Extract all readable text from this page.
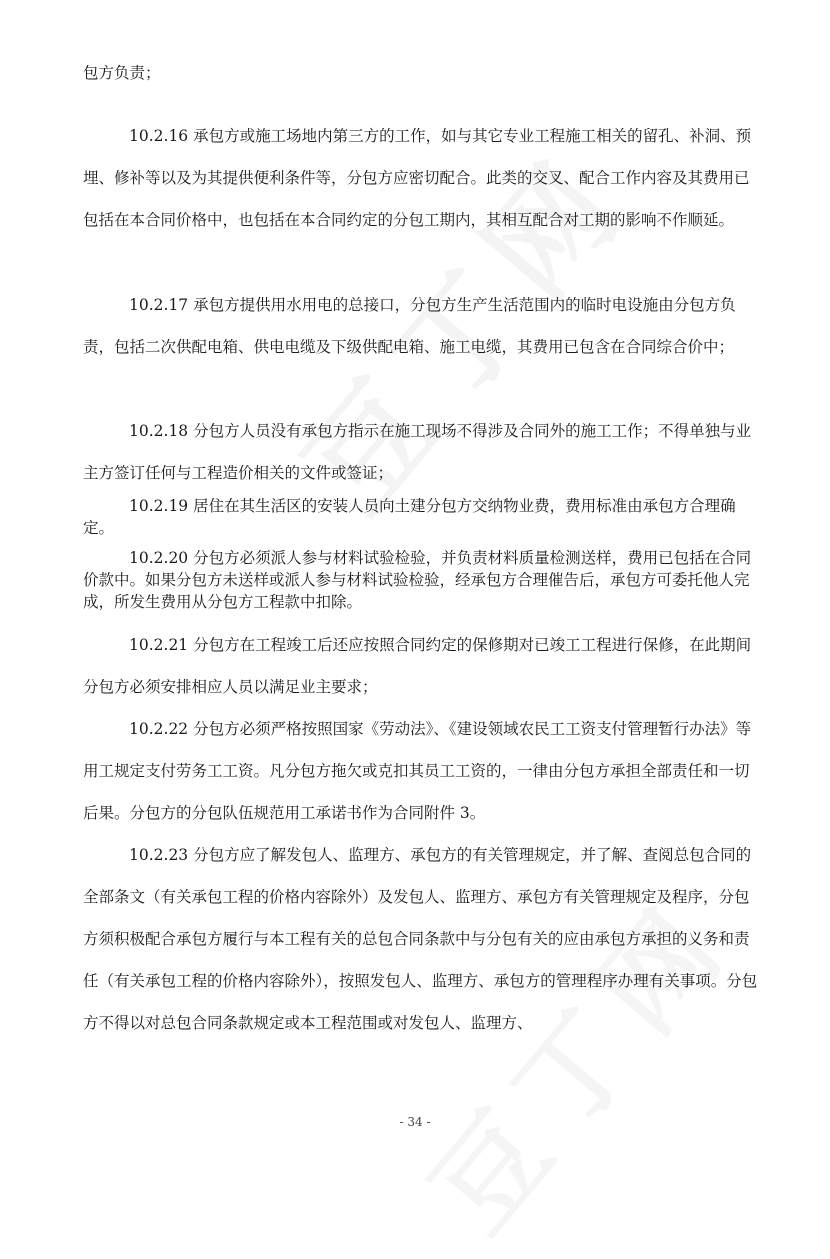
包方负责；

10.2.16 承包方或施工场地内第三方的工作，如与其它专业工程施工相关的留孔、补洞、预埋、修补等以及为其提供便利条件等，分包方应密切配合。此类的交叉、配合工作内容及其费用已包括在本合同价格中，也包括在本合同约定的分包工期内，其相互配合对工期的影响不作顺延。

10.2.17 承包方提供用水用电的总接口，分包方生产生活范围内的临时电设施由分包方负责，包括二次供配电箱、供电电缆及下级供配电箱、施工电缆，其费用已包含在合同综合价中；

10.2.18 分包方人员没有承包方指示在施工现场不得涉及合同外的施工工作；不得单独与业主方签订任何与工程造价相关的文件或签证；

10.2.19 居住在其生活区的安装人员向土建分包方交纳物业费，费用标准由承包方合理确定。

10.2.20 分包方必须派人参与材料试验检验，并负责材料质量检测送样，费用已包括在合同价款中。如果分包方未送样或派人参与材料试验检验，经承包方合理催告后，承包方可委托他人完成，所发生费用从分包方工程款中扣除。

10.2.21 分包方在工程竣工后还应按照合同约定的保修期对已竣工工程进行保修，在此期间分包方必须安排相应人员以满足业主要求；

10.2.22 分包方必须严格按照国家《劳动法》、《建设领域农民工工资支付管理暂行办法》等用工规定支付劳务工工资。凡分包方拖欠或克扣其员工工资的，一律由分包方承担全部责任和一切后果。分包方的分包队伍规范用工承诺书作为合同附件 3。

10.2.23 分包方应了解发包人、监理方、承包方的有关管理规定，并了解、查阅总包合同的全部条文（有关承包工程的价格内容除外）及发包人、监理方、承包方有关管理规定及程序，分包方须积极配合承包方履行与本工程有关的总包合同条款中与分包有关的应由承包方承担的义务和责任（有关承包工程的价格内容除外），按照发包人、监理方、承包方的管理程序办理有关事项。分包方不得以对总包合同条款规定或本工程范围或对发包人、监理方、

- 34 -
